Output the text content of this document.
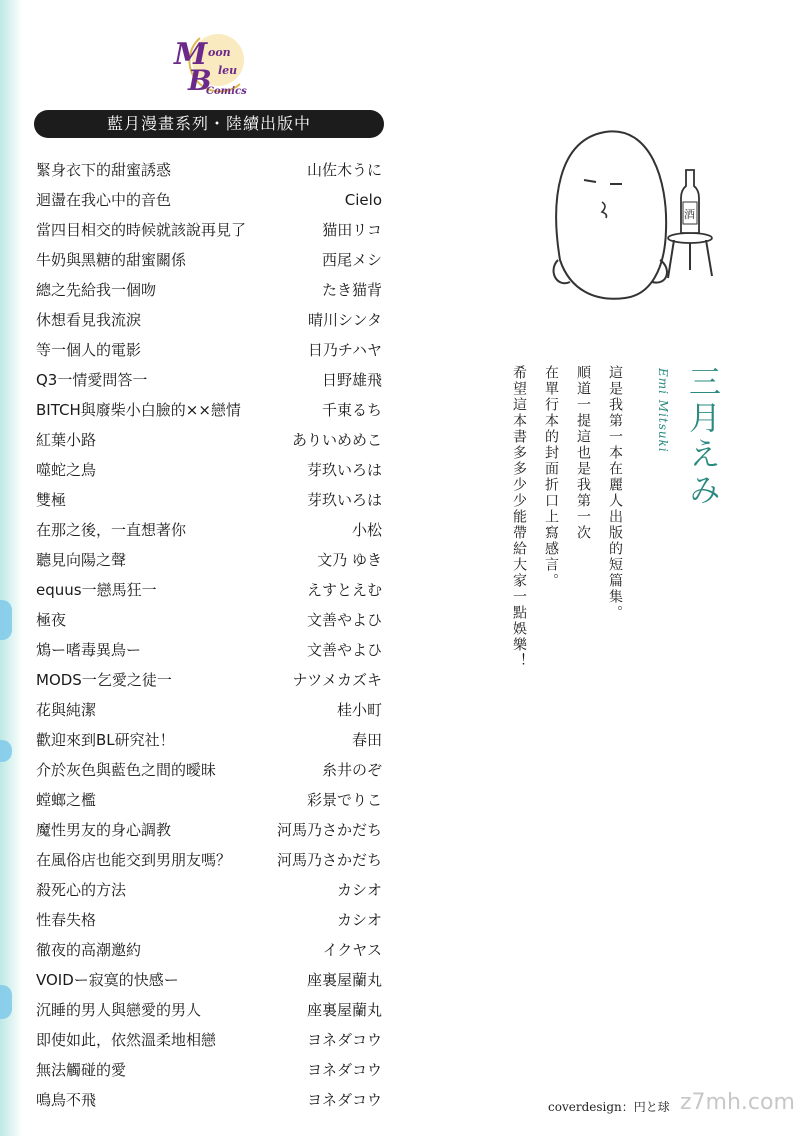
M
B
oon
leu
Comics
藍月漫畫系列・陸續出版中
緊身衣下的甜蜜誘惑	山佐木うに
迴盪在我心中的音色	Cielo
當四目相交的時候就該說再見了	猫田リコ
牛奶與黑糖的甜蜜關係	西尾メシ
總之先給我一個吻	たき猫背
休想看見我流淚	晴川シンタ
等一個人的電影	日乃チハヤ
Q3一情愛問答一	日野雄飛
BITCH與廢柴小白臉的××戀情	千東るち
紅葉小路	ありいめめこ
噬蛇之鳥	芽玖いろは
雙極	芽玖いろは
在那之後，一直想著你	小松
聽見向陽之聲	文乃 ゆき
equus一戀馬狂一	えすとえむ
極夜	文善やよひ
鴆ー嗜毒異鳥ー	文善やよひ
MODS一乞愛之徒一	ナツメカズキ
花與純潔	桂小町
歡迎來到BL研究社！	春田
介於灰色與藍色之間的曖昧	糸井のぞ
螳螂之檻	彩景でりこ
魔性男友的身心調教	河馬乃さかだち
在風俗店也能交到男朋友嗎？	河馬乃さかだち
殺死心的方法	カシオ
性春失格	カシオ
徹夜的高潮邀約	イクヤス
VOIDー寂寞的快感ー	座裏屋蘭丸
沉睡的男人與戀愛的男人	座裏屋蘭丸
即使如此，依然溫柔地相戀	ヨネダコウ
無法觸碰的愛	ヨネダコウ
鳴鳥不飛	ヨネダコウ
酒
三月えみ
Emi Mitsuki
這是我第一本在麗人出版的短篇集。
順道一提這也是我第一次
在單行本的封面折口上寫感言。
希望這本書多多少少能帶給大家一點娛樂！
coverdesign：円と球 z7mh.com
